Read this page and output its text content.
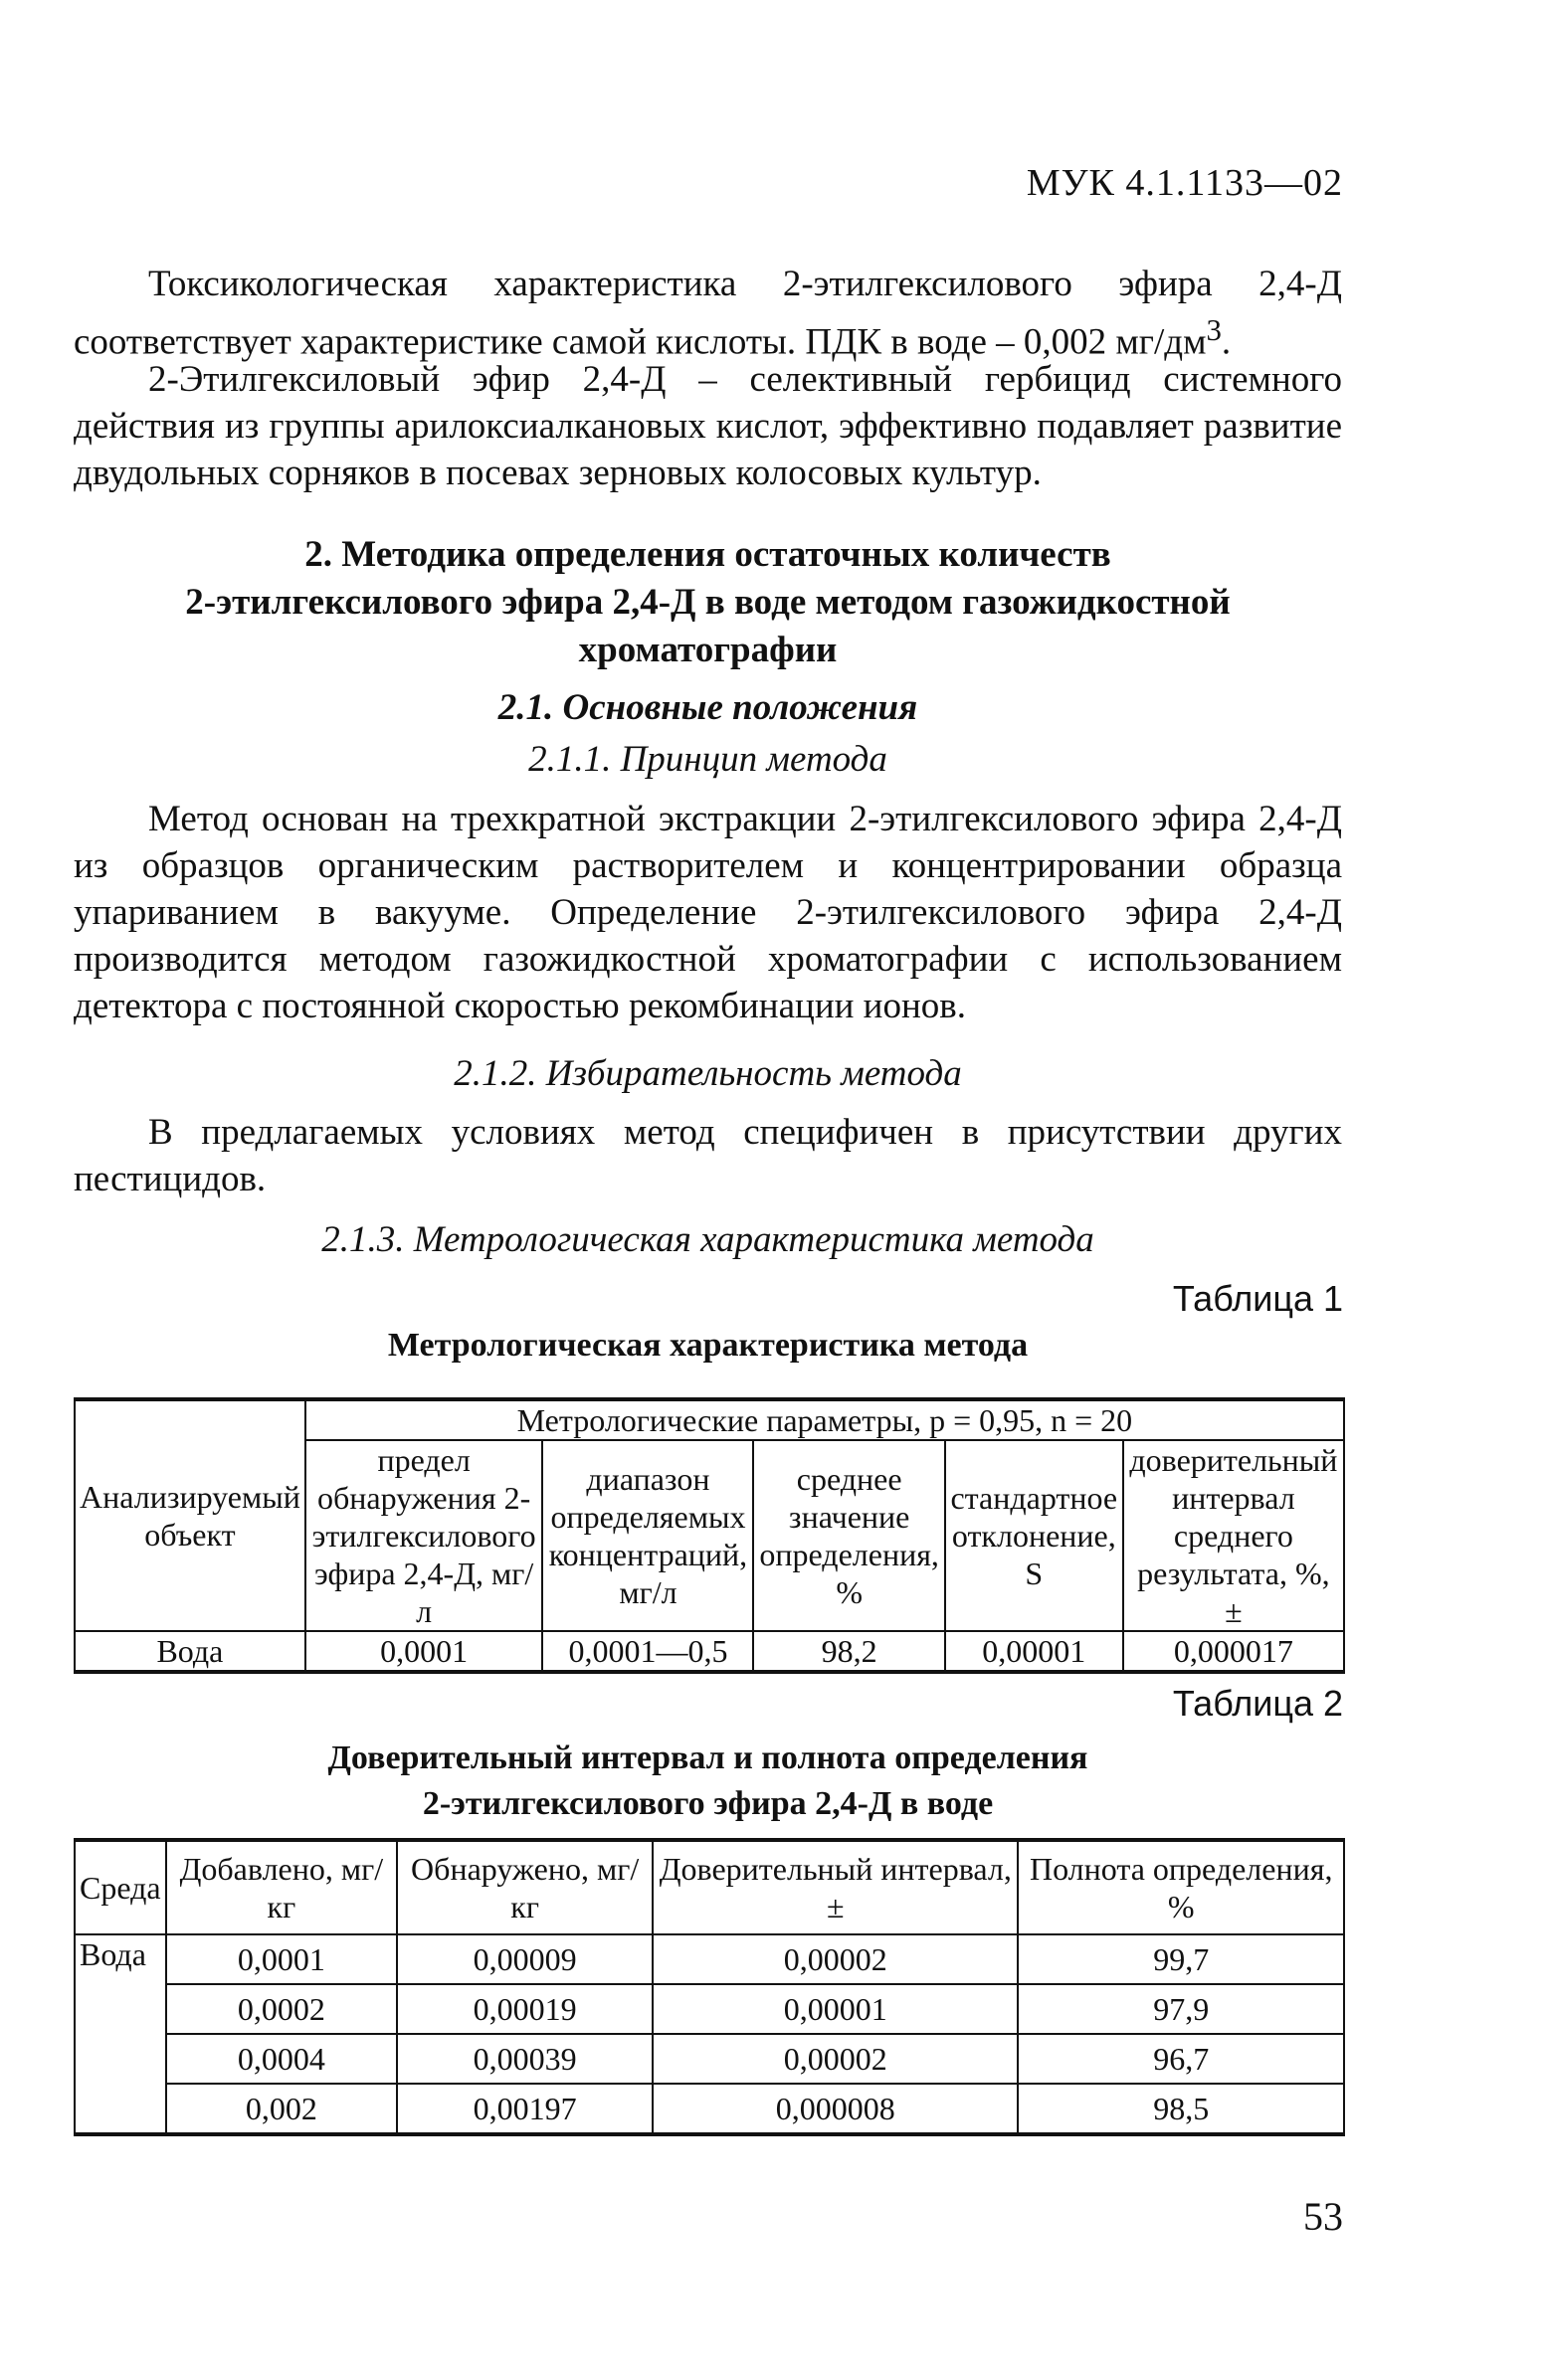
МУК 4.1.1133—02

Токсикологическая характеристика 2-этилгексилового эфира 2,4-Д соответствует характеристике самой кислоты. ПДК в воде – 0,002 $мг/дм^3$.

2-Этилгексиловый эфир 2,4-Д – селективный гербицид системного действия из группы арилоксиалкановых кислот, эффективно подавляет развитие двудольных сорняков в посевах зерновых колосовых культур.

2. Методика определения остаточных количеств
2-этилгексилового эфира 2,4-Д в воде методом газожидкостной
хроматографии
2.1. Основные положения
2.1.1. Принцип метода

Метод основан на трехкратной экстракции 2-этилгексилового эфира 2,4-Д из образцов органическим растворителем и концентрировании образца упариванием в вакууме. Определение 2-этилгексилового эфира 2,4-Д производится методом газожидкостной хроматографии с использованием детектора с постоянной скоростью рекомбинации ионов.

2.1.2. Избирательность метода

В предлагаемых условиях метод специфичен в присутствии других пестицидов.

2.1.3. Метрологическая характеристика метода
Таблица 1
Метрологическая характеристика метода
Анализируемый объект	Метрологические параметры, p = 0,95, n = 20				
	предел обнаружения 2-этилгексилового эфира 2,4-Д, мг/л	диапазон определяемых концентраций, мг/л	среднее значение определения, %	стандартное отклонение, S	доверительный интервал среднего результата, %, ±
Вода	0,0001	0,0001—0,5	98,2	0,00001	0,000017
Таблица 2
Доверительный интервал и полнота определения
2-этилгексилового эфира 2,4-Д в воде
Среда	Добавлено, мг/кг	Обнаружено, мг/кг	Доверительный интервал, ±	Полнота определения, %
Вода	0,0001	0,00009	0,00002	99,7
	0,0002	0,00019	0,00001	97,9
	0,0004	0,00039	0,00002	96,7
	0,002	0,00197	0,000008	98,5
53
